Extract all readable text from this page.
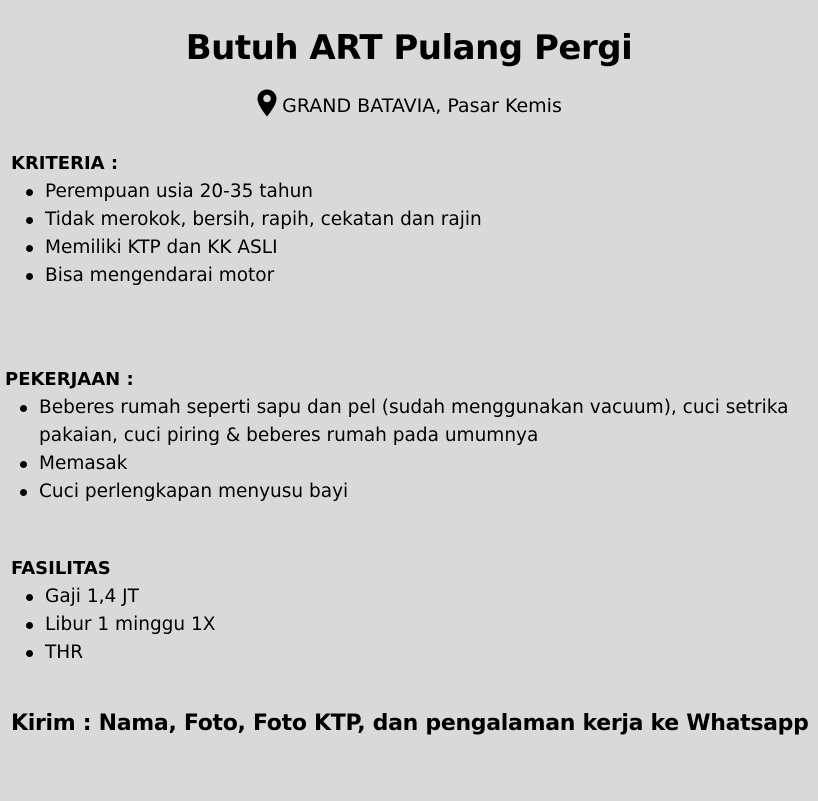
Butuh ART Pulang Pergi
GRAND BATAVIA, Pasar Kemis

KRITERIA :

Perempuan usia 20-35 tahun
Tidak merokok, bersih, rapih, cekatan dan rajin
Memiliki KTP dan KK ASLI
Bisa mengendarai motor

PEKERJAAN :

Beberes rumah seperti sapu dan pel (sudah menggunakan vacuum), cuci setrika pakaian, cuci piring & beberes rumah pada umumnya
Memasak
Cuci perlengkapan menyusu bayi

FASILITAS

Gaji 1,4 JT
Libur 1 minggu 1X
THR
Kirim : Nama, Foto, Foto KTP, dan pengalaman kerja ke Whatsapp
